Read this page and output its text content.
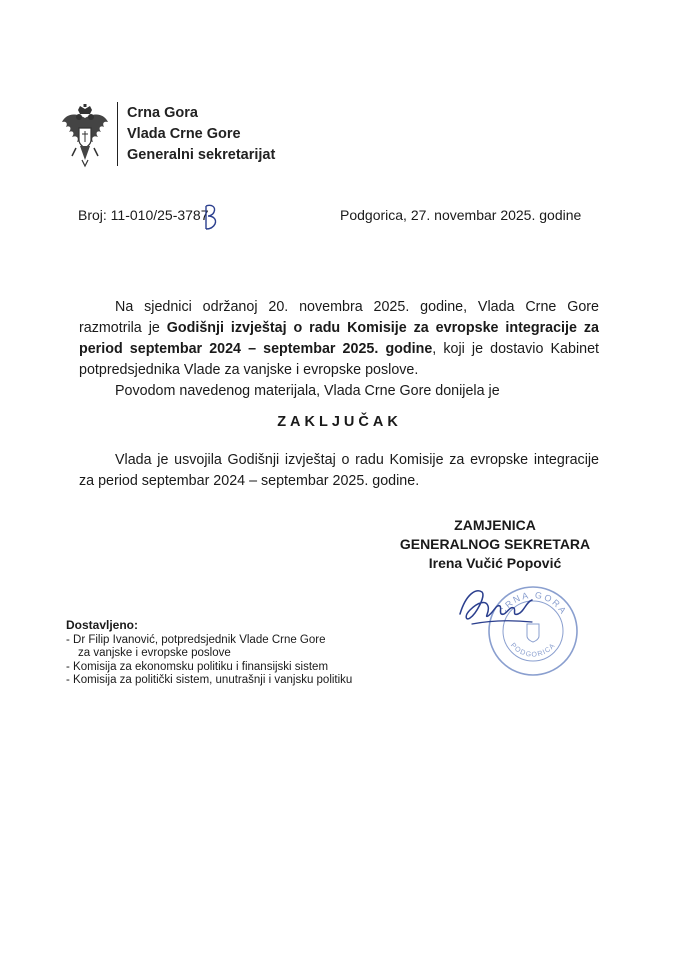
Crna Gora
Vlada Crne Gore
Generalni sekretarijat
Broj: 11-010/25-3787
3
Podgorica, 27. novembar 2025. godine
Na sjednici održanoj 20. novembra 2025. godine, Vlada Crne Gore razmotrila je Godišnji izvještaj o radu Komisije za evropske integracije za period septembar 2024 – septembar 2025. godine, koji je dostavio Kabinet potpredsjednika Vlade za vanjske i evropske poslove.
Povodom navedenog materijala, Vlada Crne Gore donijela je
ZAKLJUČAK
Vlada je usvojila Godišnji izvještaj o radu Komisije za evropske integracije za period septembar 2024 – septembar 2025. godine.
ZAMJENICA
GENERALNOG SEKRETARA
Irena Vučić Popović
CRNA GORA
PODGORICA
Dostavljeno:
- Dr Filip Ivanović, potpredsjednik Vlade Crne Gore
za vanjske i evropske poslove
- Komisija za ekonomsku politiku i finansijski sistem
- Komisija za politički sistem, unutrašnji i vanjsku politiku
